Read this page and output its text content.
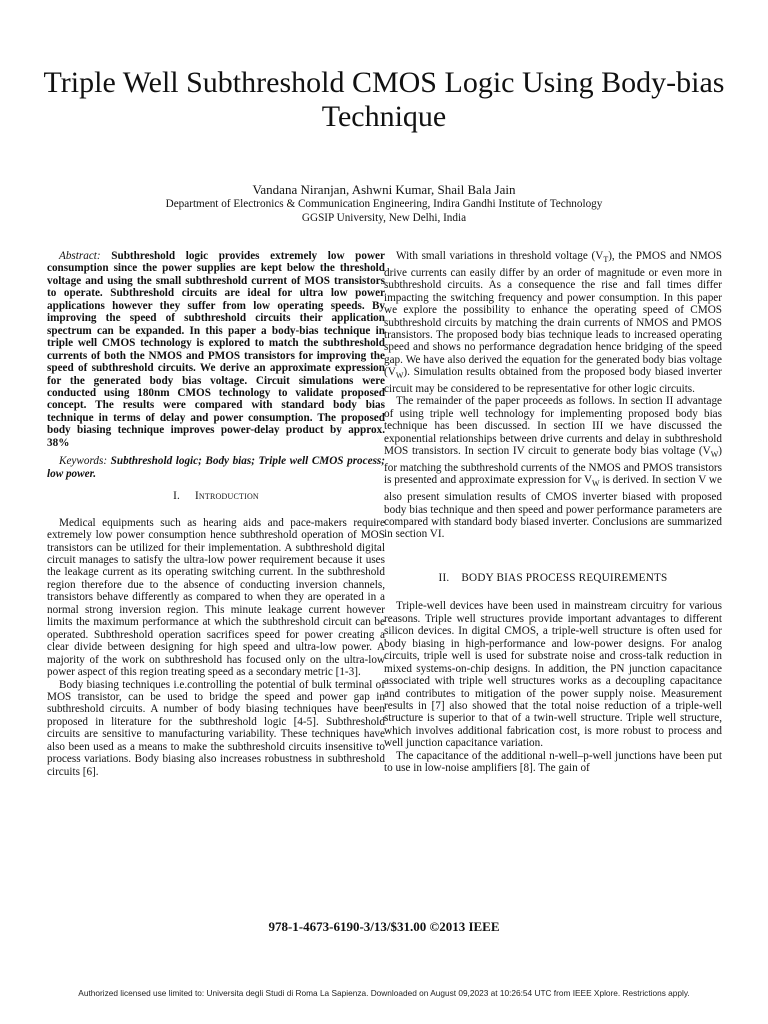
Triple Well Subthreshold CMOS Logic Using Body-bias Technique
Vandana Niranjan, Ashwni Kumar, Shail Bala Jain
Department of Electronics & Communication Engineering, Indira Gandhi Institute of Technology
GGSIP University, New Delhi, India

Abstract: Subthreshold logic provides extremely low power consumption since the power supplies are kept below the threshold voltage and using the small subthreshold current of MOS transistors to operate. Subthreshold circuits are ideal for ultra low power applications however they suffer from low operating speeds. By improving the speed of subthreshold circuits their application spectrum can be expanded. In this paper a body-bias technique in triple well CMOS technology is explored to match the subthreshold currents of both the NMOS and PMOS transistors for improving the speed of subthreshold circuits. We derive an approximate expression for the generated body bias voltage. Circuit simulations were conducted using 180nm CMOS technology to validate proposed concept. The results were compared with standard body bias technique in terms of delay and power consumption. The proposed body biasing technique improves power-delay product by approx. 38%

Keywords: Subthreshold logic; Body bias; Triple well CMOS process; low power.

I. Introduction

Medical equipments such as hearing aids and pace-makers require extremely low power consumption hence subthreshold operation of MOS transistors can be utilized for their implementation. A subthreshold digital circuit manages to satisfy the ultra-low power requirement because it uses the leakage current as its operating switching current. In the subthreshold region therefore due to the absence of conducting inversion channels, transistors behave differently as compared to when they are operated in a normal strong inversion region. This minute leakage current however limits the maximum performance at which the subthreshold circuit can be operated. Subthreshold operation sacrifices speed for power creating a clear divide between designing for high speed and ultra-low power. A majority of the work on subthreshold has focused only on the ultra-low power aspect of this region treating speed as a secondary metric [1-3].

Body biasing techniques i.e.controlling the potential of bulk terminal of MOS transistor, can be used to bridge the speed and power gap in subthreshold circuits. A number of body biasing techniques have been proposed in literature for the subthreshold logic [4-5]. Subthreshold circuits are sensitive to manufacturing variability. These techniques have also been used as a means to make the subthreshold circuits insensitive to process variations. Body biasing also increases robustness in subthreshold circuits [6].

With small variations in threshold voltage $(V_T)$, the PMOS and NMOS drive currents can easily differ by an order of magnitude or even more in subthreshold circuits. As a consequence the rise and fall times differ impacting the switching frequency and power consumption. In this paper we explore the possibility to enhance the operating speed of CMOS subthreshold circuits by matching the drain currents of NMOS and PMOS transistors. The proposed body bias technique leads to increased operating speed and shows no performance degradation hence bridging of the speed gap. We have also derived the equation for the generated body bias voltage $(V_W)$. Simulation results obtained from the proposed body biased inverter circuit may be considered to be representative for other logic circuits.

The remainder of the paper proceeds as follows. In section II advantage of using triple well technology for implementing proposed body bias technique has been discussed. In section III we have discussed the exponential relationships between drive currents and delay in subthreshold MOS transistors. In section IV circuit to generate body bias voltage $(V_W)$ for matching the subthreshold currents of the NMOS and PMOS transistors is presented and approximate expression for $V_W$ is derived. In section V we also present simulation results of CMOS inverter biased with proposed body bias technique and then speed and power performance parameters are compared with standard body biased inverter. Conclusions are summarized in section VI.

II. BODY BIAS PROCESS REQUIREMENTS

Triple-well devices have been used in mainstream circuitry for various reasons. Triple well structures provide important advantages to different silicon devices. In digital CMOS, a triple-well structure is often used for body biasing in high-performance and low-power designs. For analog circuits, triple well is used for substrate noise and cross-talk reduction in mixed systems-on-chip designs. In addition, the PN junction capacitance associated with triple well structures works as a decoupling capacitance and contributes to mitigation of the power supply noise. Measurement results in [7] also showed that the total noise reduction of a triple-well structure is superior to that of a twin-well structure. Triple well structure, which involves additional fabrication cost, is more robust to process and well junction capacitance variation.

The capacitance of the additional n-well–p-well junctions have been put to use in low-noise amplifiers [8]. The gain of

978-1-4673-6190-3/13/$31.00 ©2013 IEEE
Authorized licensed use limited to: Universita degli Studi di Roma La Sapienza. Downloaded on August 09,2023 at 10:26:54 UTC from IEEE Xplore. Restrictions apply.
